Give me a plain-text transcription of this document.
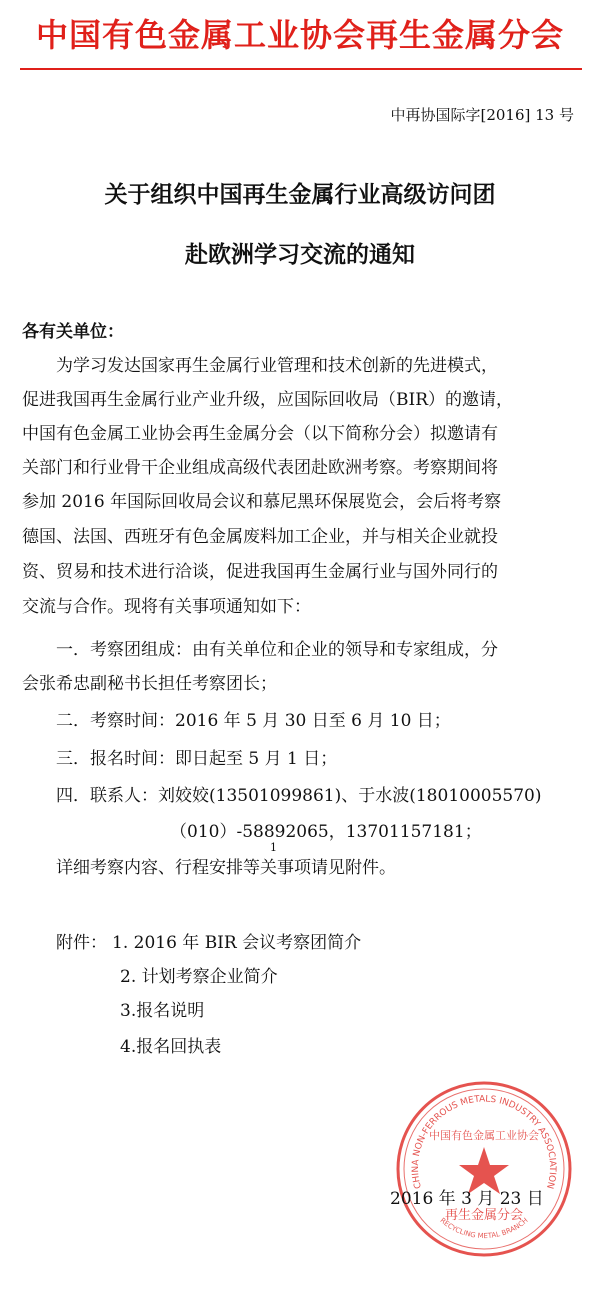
中国有色金属工业协会再生金属分会
中再协国际字[2016] 13 号
关于组织中国再生金属行业高级访问团
赴欧洲学习交流的通知
各有关单位：
为学习发达国家再生金属行业管理和技术创新的先进模式，
促进我国再生金属行业产业升级，应国际回收局（BIR）的邀请，
中国有色金属工业协会再生金属分会（以下简称分会）拟邀请有
关部门和行业骨干企业组成高级代表团赴欧洲考察。考察期间将
参加 2016 年国际回收局会议和慕尼黑环保展览会，会后将考察
德国、法国、西班牙有色金属废料加工企业，并与相关企业就投
资、贸易和技术进行洽谈，促进我国再生金属行业与国外同行的
交流与合作。现将有关事项通知如下：
一．考察团组成：由有关单位和企业的领导和专家组成，分
会张希忠副秘书长担任考察团长；
二．考察时间：2016 年 5 月 30 日至 6 月 10 日；
三．报名时间：即日起至 5 月 1 日；
四．联系人：刘姣姣(13501099861)、于水波(18010005570)
（010）-58892065，13701157181；
1
详细考察内容、行程安排等关事项请见附件。
附件： 1. 2016 年 BIR 会议考察团简介
2. 计划考察企业简介
3.报名说明
4.报名回执表
CHINA NON-FERROUS METALS INDUSTRY ASSOCIATION
RECYCLING METAL BRANCH
中国有色金属工业协会
再生金属分会
2016 年 3 月 23 日
